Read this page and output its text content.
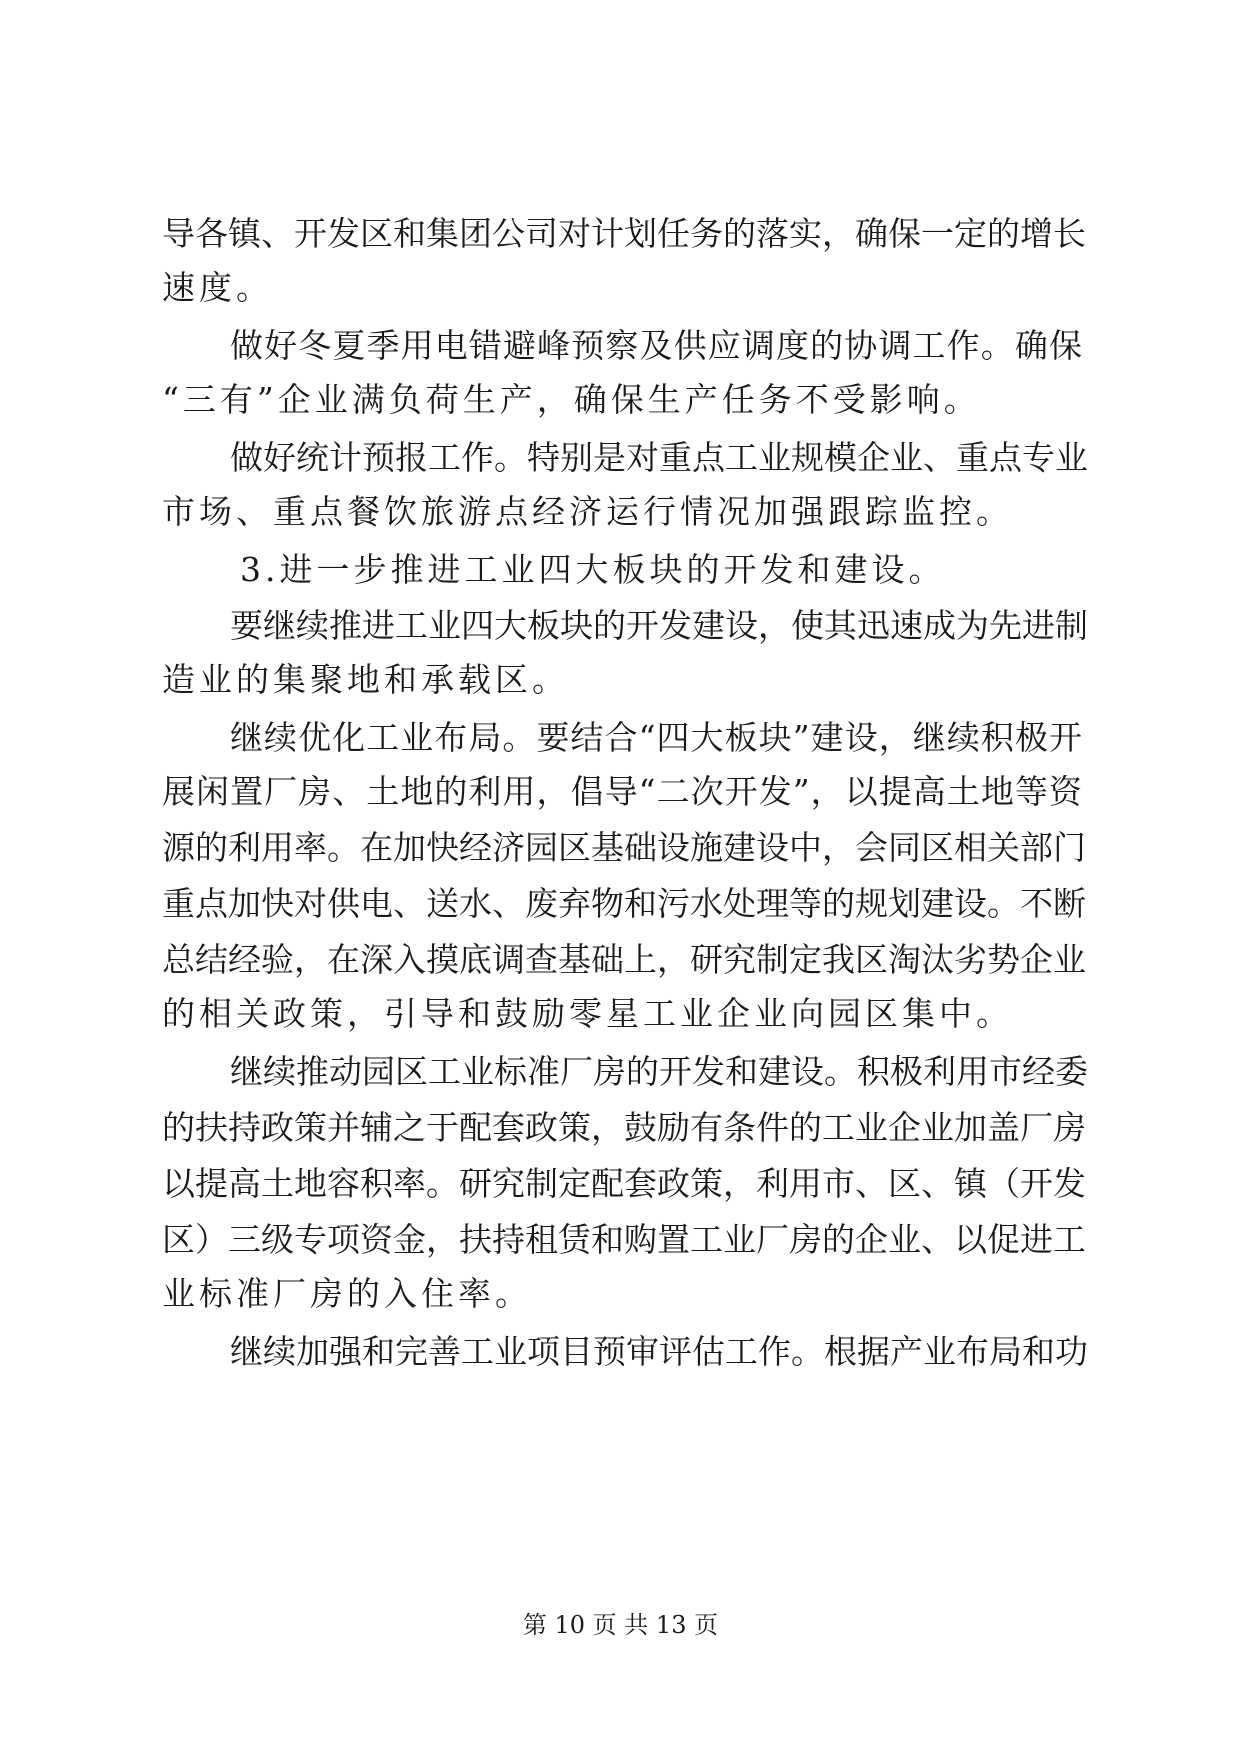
导各镇、开发区和集团公司对计划任务的落实，确保一定的增长
速度。
做好冬夏季用电错避峰预察及供应调度的协调工作。确保
“三有”企业满负荷生产，确保生产任务不受影响。
做好统计预报工作。特别是对重点工业规模企业、重点专业
市场、重点餐饮旅游点经济运行情况加强跟踪监控。
3.进一步推进工业四大板块的开发和建设。
要继续推进工业四大板块的开发建设，使其迅速成为先进制
造业的集聚地和承载区。
继续优化工业布局。要结合“四大板块”建设，继续积极开
展闲置厂房、土地的利用，倡导“二次开发”，以提高土地等资
源的利用率。在加快经济园区基础设施建设中，会同区相关部门
重点加快对供电、送水、废弃物和污水处理等的规划建设。不断
总结经验，在深入摸底调查基础上，研究制定我区淘汰劣势企业
的相关政策，引导和鼓励零星工业企业向园区集中。
继续推动园区工业标准厂房的开发和建设。积极利用市经委
的扶持政策并辅之于配套政策，鼓励有条件的工业企业加盖厂房
以提高土地容积率。研究制定配套政策，利用市、区、镇（开发
区）三级专项资金，扶持租赁和购置工业厂房的企业、以促进工
业标准厂房的入住率。
继续加强和完善工业项目预审评估工作。根据产业布局和功
第 10 页 共 13 页
